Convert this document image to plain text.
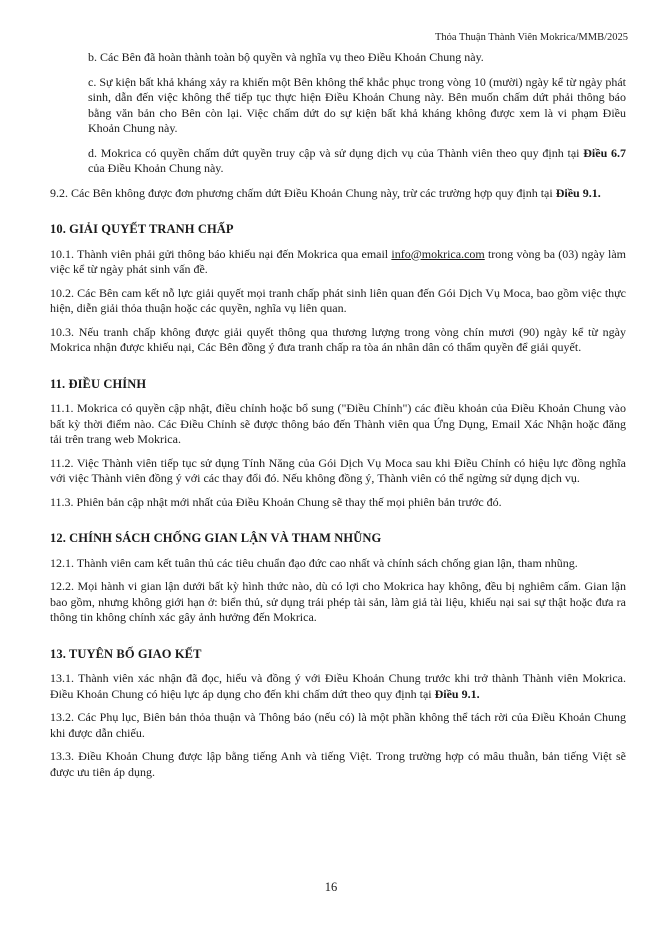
Thỏa Thuận Thành Viên Mokrica/MMB/2025

b. Các Bên đã hoàn thành toàn bộ quyền và nghĩa vụ theo Điều Khoản Chung này.

c. Sự kiện bất khả kháng xảy ra khiến một Bên không thể khắc phục trong vòng 10 (mười) ngày kể từ ngày phát sinh, dẫn đến việc không thể tiếp tục thực hiện Điều Khoản Chung này. Bên muốn chấm dứt phải thông báo bằng văn bản cho Bên còn lại. Việc chấm dứt do sự kiện bất khả kháng không được xem là vi phạm Điều Khoản Chung này.

d. Mokrica có quyền chấm dứt quyền truy cập và sử dụng dịch vụ của Thành viên theo quy định tại Điều 6.7 của Điều Khoản Chung này.

9.2. Các Bên không được đơn phương chấm dứt Điều Khoản Chung này, trừ các trường hợp quy định tại Điều 9.1.

10. GIẢI QUYẾT TRANH CHẤP

10.1. Thành viên phải gửi thông báo khiếu nại đến Mokrica qua email info@mokrica.com trong vòng ba (03) ngày làm việc kể từ ngày phát sinh vấn đề.

10.2. Các Bên cam kết nỗ lực giải quyết mọi tranh chấp phát sinh liên quan đến Gói Dịch Vụ Moca, bao gồm việc thực hiện, diễn giải thỏa thuận hoặc các quyền, nghĩa vụ liên quan.

10.3. Nếu tranh chấp không được giải quyết thông qua thương lượng trong vòng chín mươi (90) ngày kể từ ngày Mokrica nhận được khiếu nại, Các Bên đồng ý đưa tranh chấp ra tòa án nhân dân có thẩm quyền để giải quyết.

11. ĐIỀU CHỈNH

11.1. Mokrica có quyền cập nhật, điều chỉnh hoặc bổ sung ("Điều Chỉnh") các điều khoản của Điều Khoản Chung vào bất kỳ thời điểm nào. Các Điều Chỉnh sẽ được thông báo đến Thành viên qua Ứng Dụng, Email Xác Nhận hoặc đăng tải trên trang web Mokrica.

11.2. Việc Thành viên tiếp tục sử dụng Tính Năng của Gói Dịch Vụ Moca sau khi Điều Chỉnh có hiệu lực đồng nghĩa với việc Thành viên đồng ý với các thay đổi đó. Nếu không đồng ý, Thành viên có thể ngừng sử dụng dịch vụ.

11.3. Phiên bản cập nhật mới nhất của Điều Khoản Chung sẽ thay thế mọi phiên bản trước đó.

12. CHÍNH SÁCH CHỐNG GIAN LẬN VÀ THAM NHŨNG

12.1. Thành viên cam kết tuân thủ các tiêu chuẩn đạo đức cao nhất và chính sách chống gian lận, tham nhũng.

12.2. Mọi hành vi gian lận dưới bất kỳ hình thức nào, dù có lợi cho Mokrica hay không, đều bị nghiêm cấm. Gian lận bao gồm, nhưng không giới hạn ở: biển thủ, sử dụng trái phép tài sản, làm giả tài liệu, khiếu nại sai sự thật hoặc đưa ra thông tin không chính xác gây ảnh hưởng đến Mokrica.

13. TUYÊN BỐ GIAO KẾT

13.1. Thành viên xác nhận đã đọc, hiểu và đồng ý với Điều Khoản Chung trước khi trở thành Thành viên Mokrica. Điều Khoản Chung có hiệu lực áp dụng cho đến khi chấm dứt theo quy định tại Điều 9.1.

13.2. Các Phụ lục, Biên bản thỏa thuận và Thông báo (nếu có) là một phần không thể tách rời của Điều Khoản Chung khi được dẫn chiếu.

13.3. Điều Khoản Chung được lập bằng tiếng Anh và tiếng Việt. Trong trường hợp có mâu thuẫn, bản tiếng Việt sẽ được ưu tiên áp dụng.

16
